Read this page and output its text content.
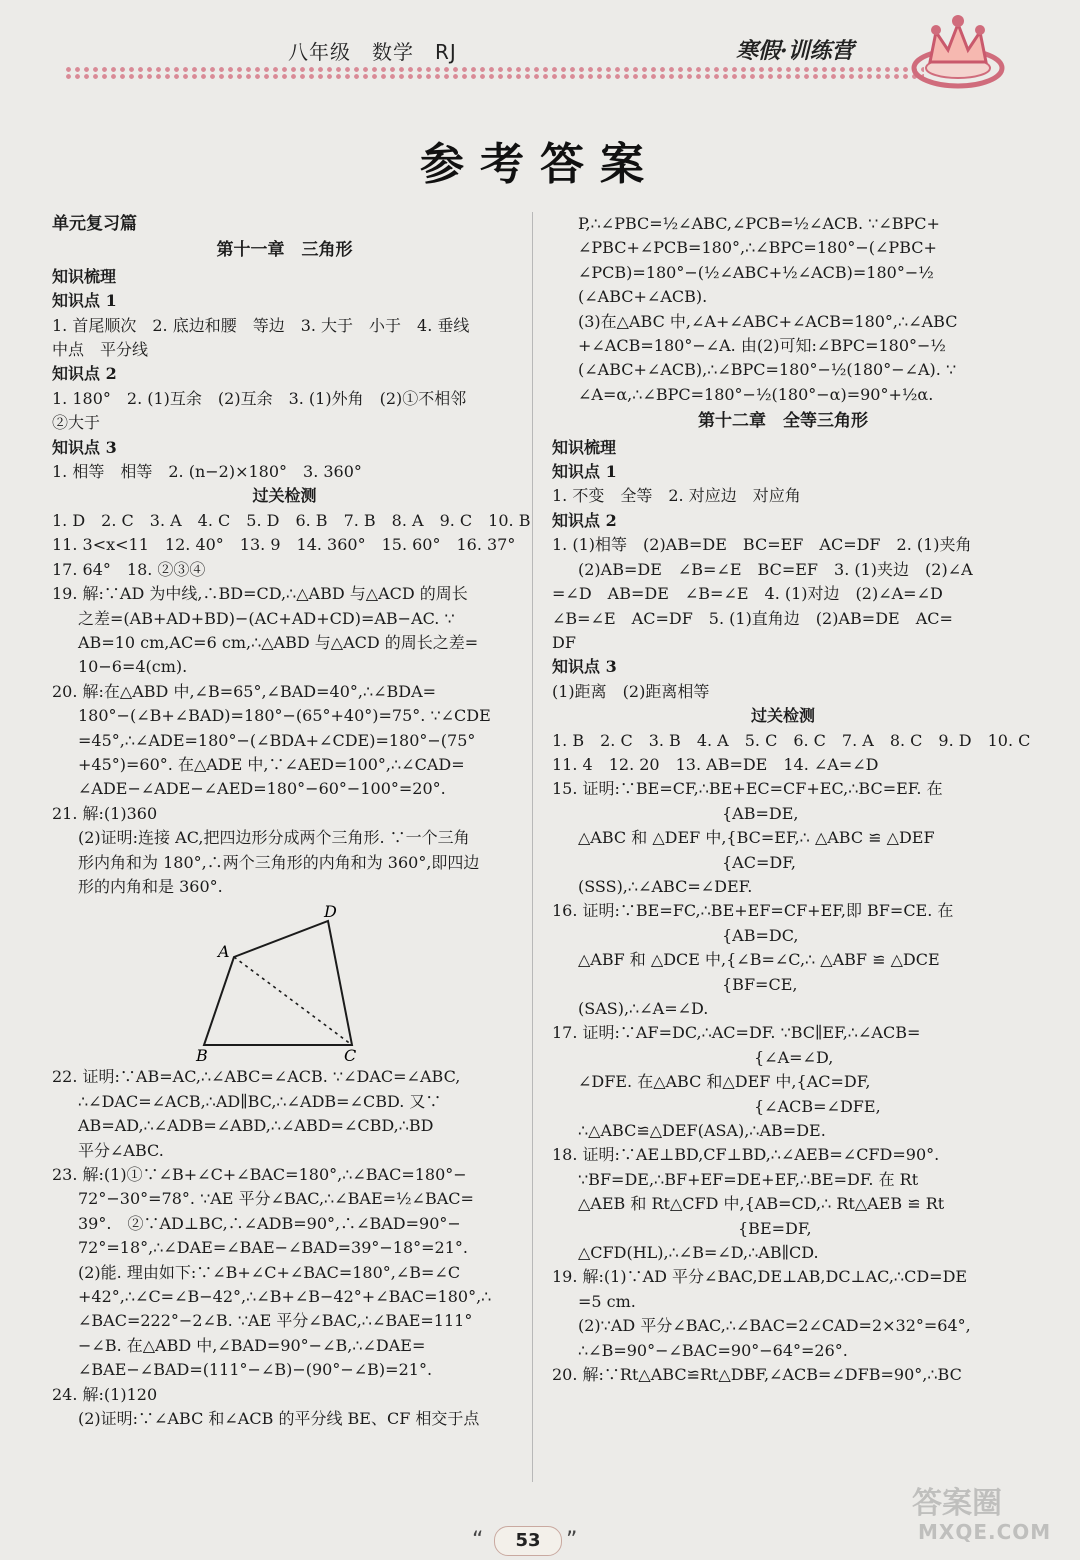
八年级　数学　RJ	寒假·训练营
参考答案

单元复习篇

第十一章　三角形

知识梳理

知识点 1

1. 首尾顺次　2. 底边和腰　等边　3. 大于　小于　4. 垂线

中点　平分线

知识点 2

1. 180°　2. (1)互余　(2)互余　3. (1)外角　(2)①不相邻

②大于

知识点 3

1. 相等　相等　2. (n−2)×180°　3. 360°

过关检测

1. D　2. C　3. A　4. C　5. D　6. B　7. B　8. A　9. C　10. B

11. 3<x<11　12. 40°　13. 9　14. 360°　15. 60°　16. 37°

17. 64°　18. ②③④

19. 解:∵AD 为中线,∴BD=CD,∴△ABD 与△ACD 的周长

之差=(AB+AD+BD)−(AC+AD+CD)=AB−AC. ∵

AB=10 cm,AC=6 cm,∴△ABD 与△ACD 的周长之差=

10−6=4(cm).

20. 解:在△ABD 中,∠B=65°,∠BAD=40°,∴∠BDA=

180°−(∠B+∠BAD)=180°−(65°+40°)=75°. ∵∠CDE

=45°,∴∠ADE=180°−(∠BDA+∠CDE)=180°−(75°

+45°)=60°. 在△ADE 中,∵∠AED=100°,∴∠CAD=

∠ADE−∠ADE−∠AED=180°−60°−100°=20°.

21. 解:(1)360

(2)证明:连接 AC,把四边形分成两个三角形. ∵一个三角

形内角和为 180°,∴两个三角形的内角和为 360°,即四边

形的内角和是 360°.

A
D
B	C

22. 证明:∵AB=AC,∴∠ABC=∠ACB. ∵∠DAC=∠ABC,

∴∠DAC=∠ACB,∴AD∥BC,∴∠ADB=∠CBD. 又∵

AB=AD,∴∠ADB=∠ABD,∴∠ABD=∠CBD,∴BD

平分∠ABC.

23. 解:(1)①∵∠B+∠C+∠BAC=180°,∴∠BAC=180°−

72°−30°=78°. ∵AE 平分∠BAC,∴∠BAE=½∠BAC=

39°.　②∵AD⊥BC,∴∠ADB=90°,∴∠BAD=90°−

72°=18°,∴∠DAE=∠BAE−∠BAD=39°−18°=21°.

(2)能. 理由如下:∵∠B+∠C+∠BAC=180°,∠B=∠C

+42°,∴∠C=∠B−42°,∴∠B+∠B−42°+∠BAC=180°,∴

∠BAC=222°−2∠B. ∵AE 平分∠BAC,∴∠BAE=111°

−∠B. 在△ABD 中,∠BAD=90°−∠B,∴∠DAE=

∠BAE−∠BAD=(111°−∠B)−(90°−∠B)=21°.

24. 解:(1)120

(2)证明:∵∠ABC 和∠ACB 的平分线 BE、CF 相交于点

P,∴∠PBC=½∠ABC,∠PCB=½∠ACB. ∵∠BPC+

∠PBC+∠PCB=180°,∴∠BPC=180°−(∠PBC+

∠PCB)=180°−(½∠ABC+½∠ACB)=180°−½

(∠ABC+∠ACB).

(3)在△ABC 中,∠A+∠ABC+∠ACB=180°,∴∠ABC

+∠ACB=180°−∠A. 由(2)可知:∠BPC=180°−½

(∠ABC+∠ACB),∴∠BPC=180°−½(180°−∠A). ∵

∠A=α,∴∠BPC=180°−½(180°−α)=90°+½α.

第十二章　全等三角形

知识梳理

知识点 1

1. 不变　全等　2. 对应边　对应角

知识点 2

1. (1)相等　(2)AB=DE　BC=EF　AC=DF　2. (1)夹角

(2)AB=DE　∠B=∠E　BC=EF　3. (1)夹边　(2)∠A

=∠D　AB=DE　∠B=∠E　4. (1)对边　(2)∠A=∠D

∠B=∠E　AC=DF　5. (1)直角边　(2)AB=DE　AC=

DF

知识点 3

(1)距离　(2)距离相等

过关检测

1. B　2. C　3. B　4. A　5. C　6. C　7. A　8. C　9. D　10. C

11. 4　12. 20　13. AB=DE　14. ∠A=∠D

15. 证明:∵BE=CF,∴BE+EC=CF+EC,∴BC=EF. 在

　　　　　　　　　{AB=DE,

△ABC 和 △DEF 中,{BC=EF,∴ △ABC ≌ △DEF

　　　　　　　　　{AC=DF,

(SSS),∴∠ABC=∠DEF.

16. 证明:∵BE=FC,∴BE+EF=CF+EF,即 BF=CE. 在

　　　　　　　　　{AB=DC,

△ABF 和 △DCE 中,{∠B=∠C,∴ △ABF ≌ △DCE

　　　　　　　　　{BF=CE,

(SAS),∴∠A=∠D.

17. 证明:∵AF=DC,∴AC=DF. ∵BC∥EF,∴∠ACB=

　　　　　　　　　　　{∠A=∠D,

∠DFE. 在△ABC 和△DEF 中,{AC=DF,

　　　　　　　　　　　{∠ACB=∠DFE,

∴△ABC≌△DEF(ASA),∴AB=DE.

18. 证明:∵AE⊥BD,CF⊥BD,∴∠AEB=∠CFD=90°.

∵BF=DE,∴BF+EF=DE+EF,∴BE=DF. 在 Rt

△AEB 和 Rt△CFD 中,{AB=CD,∴ Rt△AEB ≌ Rt

　　　　　　　　　　{BE=DF,

△CFD(HL),∴∠B=∠D,∴AB∥CD.

19. 解:(1)∵AD 平分∠BAC,DE⊥AB,DC⊥AC,∴CD=DE

=5 cm.

(2)∵AD 平分∠BAC,∴∠BAC=2∠CAD=2×32°=64°,

∴∠B=90°−∠BAC=90°−64°=26°.

20. 解:∵Rt△ABC≌Rt△DBF,∠ACB=∠DFB=90°,∴BC

“	53	”
答案圈
MXQE.COM
